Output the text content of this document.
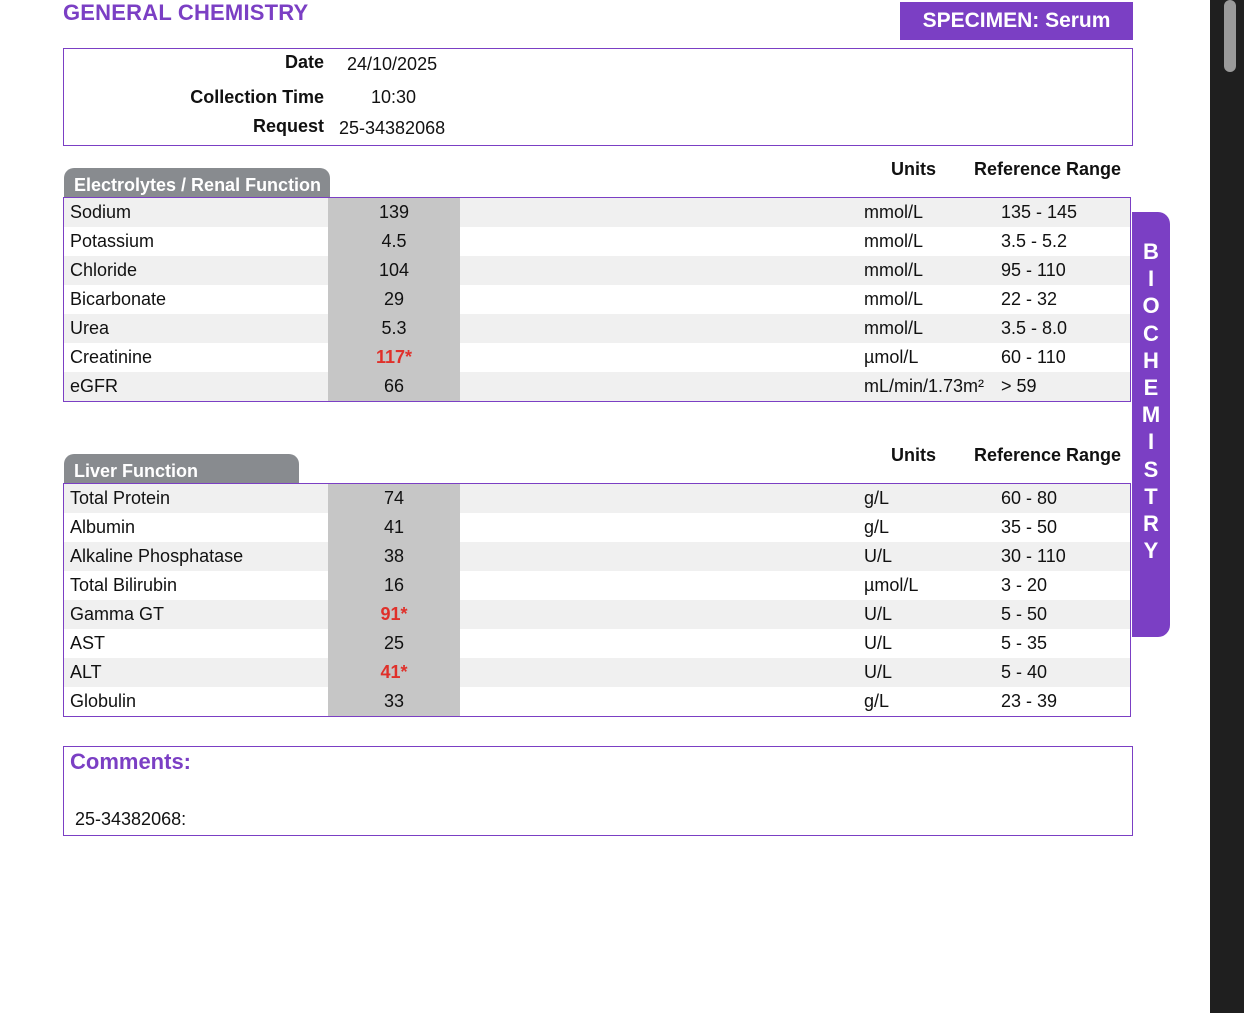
GENERAL CHEMISTRY	SPECIMEN: Serum
Date 24/10/2025
Collection Time	10:30
Request 25-34382068
Electrolytes / Renal Function
Units Reference Range
Sodium	139	mmol/L	135 - 145
Potassium	4.5	mmol/L	3.5 - 5.2
Chloride	104	mmol/L	95 - 110
Bicarbonate	29	mmol/L	22 - 32
Urea	5.3	mmol/L	3.5 - 8.0
Creatinine	117*	µmol/L	60 - 110
eGFR	66	mL/min/1.73m² > 59
Liver Function
Units Reference Range
Total Protein	74	g/L	60 - 80
Albumin	41	g/L	35 - 50
Alkaline Phosphatase	38	U/L	30 - 110
Total Bilirubin	16	µmol/L	3 - 20
Gamma GT	91*	U/L	5 - 50
AST	25	U/L	5 - 35
ALT	41*	U/L	5 - 40
Globulin	33	g/L	23 - 39
BIOCHEMISTRY
Comments:
25-34382068:
